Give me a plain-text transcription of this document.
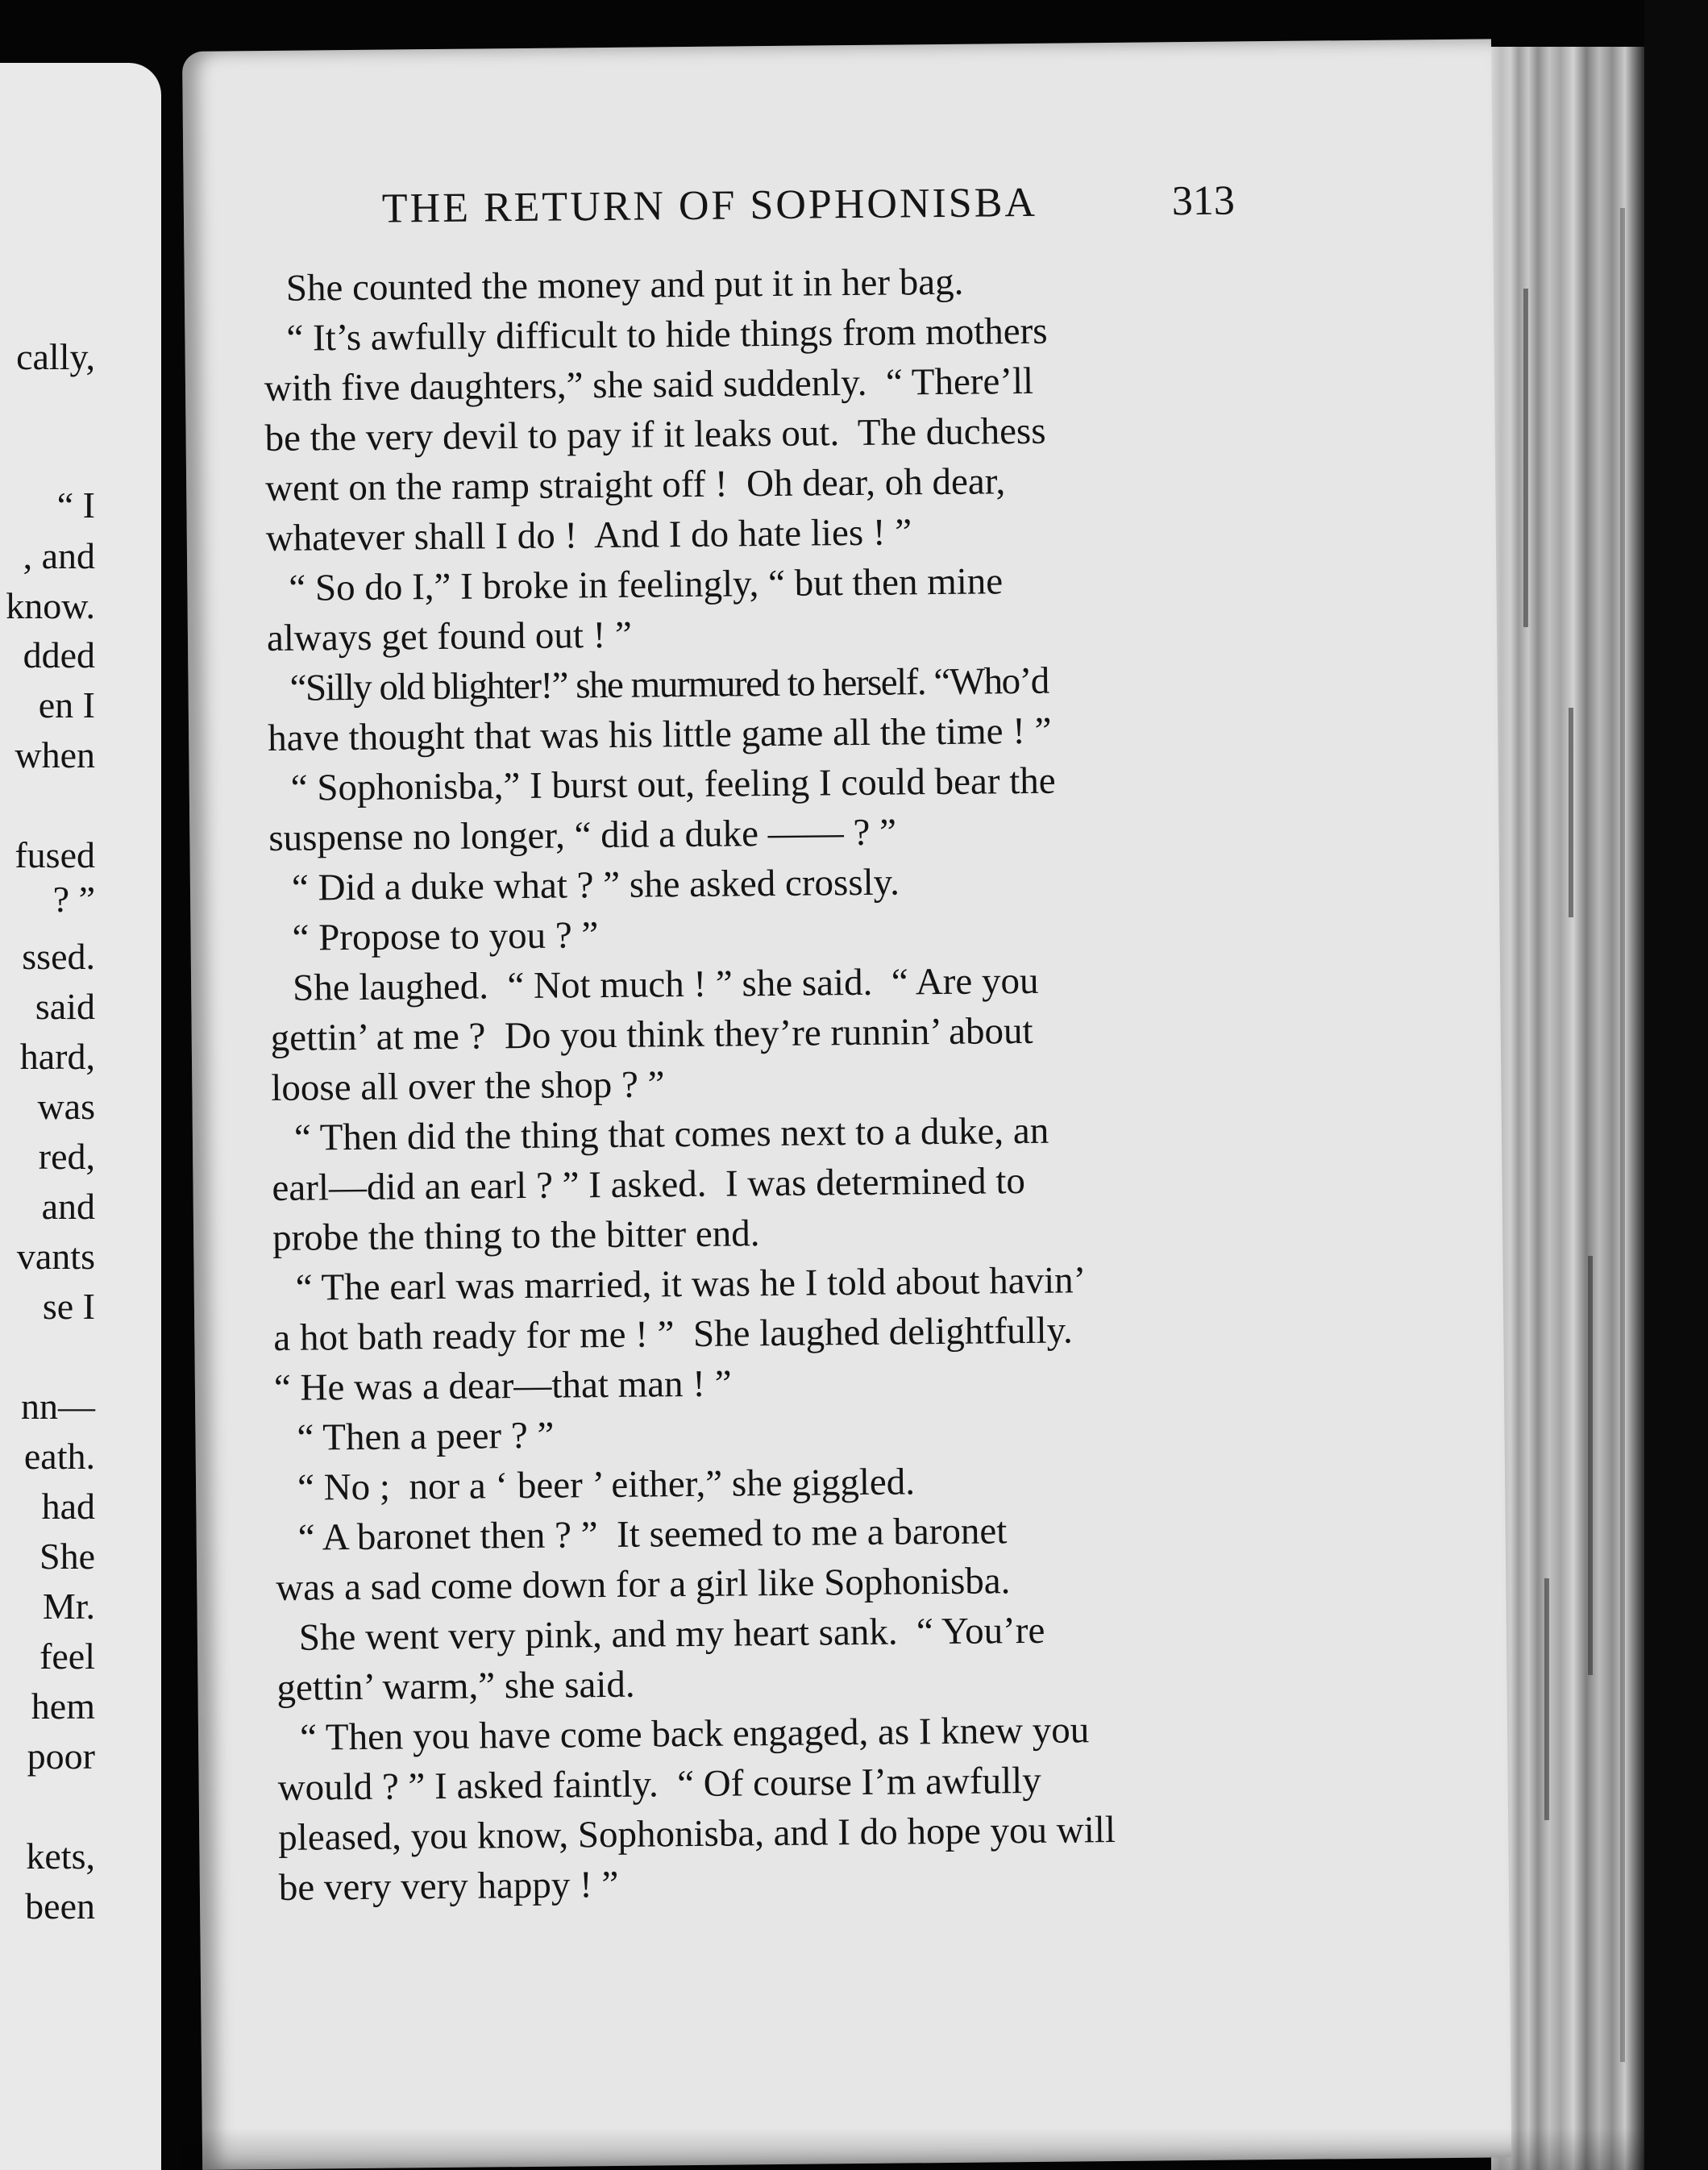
cally,
“ I
, and
know.
dded
en I
when
fused
? ”
ssed.
said
hard,
was
red,
and
vants
se I
nn—
eath.
had
She
Mr.
feel
hem
poor
kets,
been
THE RETURN OF SOPHONISBA	313
She counted the money and put it in her bag.
“ It’s awfully difficult to hide things from mothers
with five daughters,” she said suddenly.  “ There’ll
be the very devil to pay if it leaks out.  The duchess
went on the ramp straight off !  Oh dear, oh dear,
whatever shall I do !  And I do hate lies ! ”
“ So do I,” I broke in feelingly, “ but then mine
always get found out ! ”
“Silly old blighter!” she murmured to herself. “Who’d
have thought that was his little game all the time ! ”
“ Sophonisba,” I burst out, feeling I could bear the
suspense no longer, “ did a duke —— ? ”
“ Did a duke what ? ” she asked crossly.
“ Propose to you ? ”
She laughed.  “ Not much ! ” she said.  “ Are you
gettin’ at me ?  Do you think they’re runnin’ about
loose all over the shop ? ”
“ Then did the thing that comes next to a duke, an
earl—did an earl ? ” I asked.  I was determined to
probe the thing to the bitter end.
“ The earl was married, it was he I told about havin’
a hot bath ready for me ! ”  She laughed delightfully.
“ He was a dear—that man ! ”
“ Then a peer ? ”
“ No ;  nor a ‘ beer ’ either,” she giggled.
“ A baronet then ? ”  It seemed to me a baronet
was a sad come down for a girl like Sophonisba.
She went very pink, and my heart sank.  “ You’re
gettin’ warm,” she said.
“ Then you have come back engaged, as I knew you
would ? ” I asked faintly.  “ Of course I’m awfully
pleased, you know, Sophonisba, and I do hope you will
be very very happy ! ”
